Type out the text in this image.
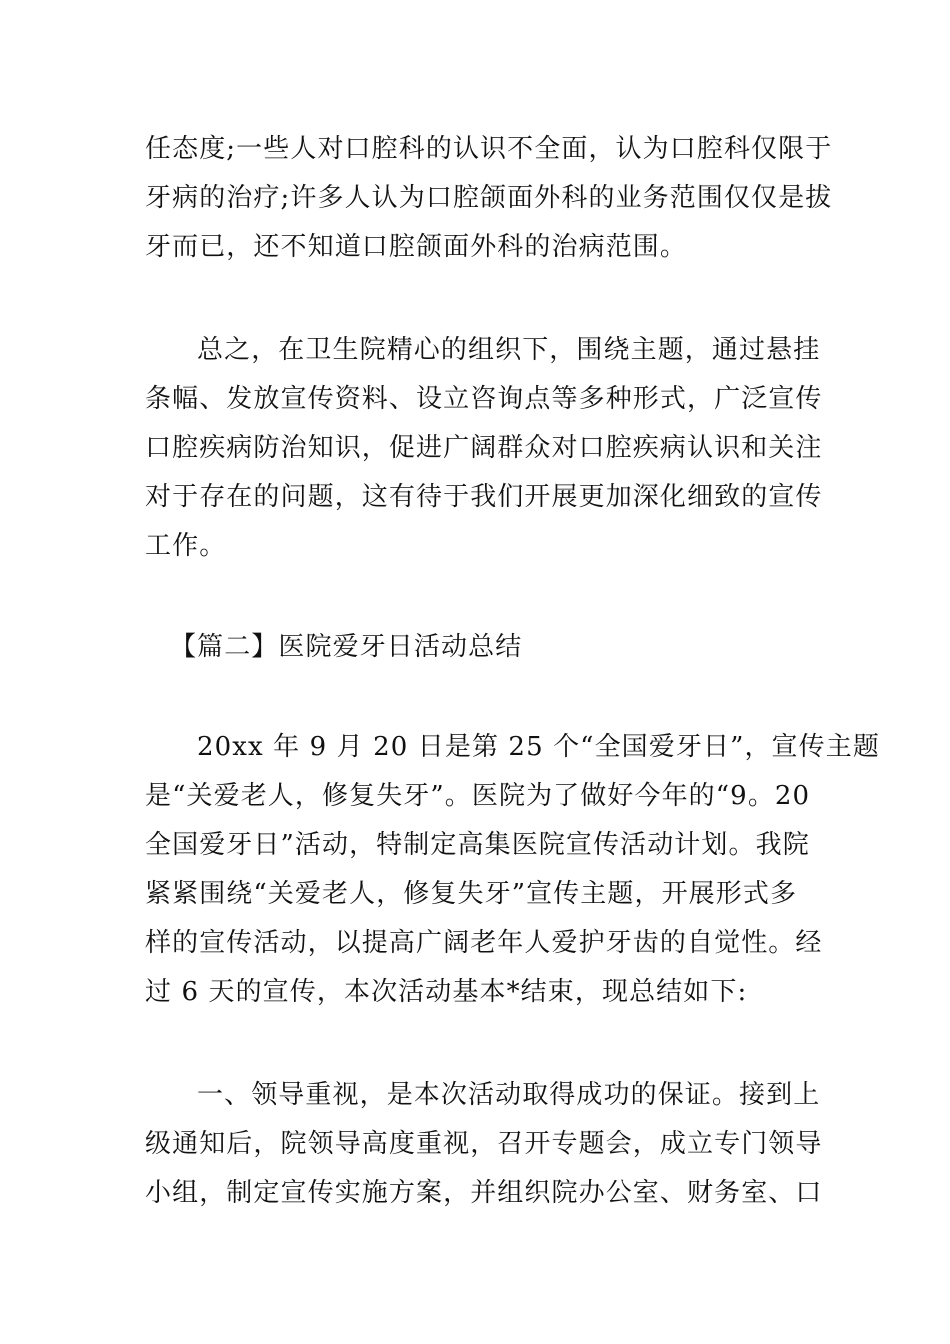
任态度;一些人对口腔科的认识不全面，认为口腔科仅限于
牙病的治疗;许多人认为口腔颌面外科的业务范围仅仅是拔
牙而已，还不知道口腔颌面外科的治病范围。
总之，在卫生院精心的组织下，围绕主题，通过悬挂
条幅、发放宣传资料、设立咨询点等多种形式，广泛宣传
口腔疾病防治知识，促进广阔群众对口腔疾病认识和关注
对于存在的问题，这有待于我们开展更加深化细致的宣传
工作。
【篇二】医院爱牙日活动总结
20xx 年 9 月 20 日是第 25 个“全国爱牙日”，宣传主题
是“关爱老人，修复失牙”。医院为了做好今年的“9。20
全国爱牙日”活动，特制定高集医院宣传活动计划。我院
紧紧围绕“关爱老人，修复失牙”宣传主题，开展形式多
样的宣传活动，以提高广阔老年人爱护牙齿的自觉性。经
过 6 天的宣传，本次活动基本*结束，现总结如下:
一、领导重视，是本次活动取得成功的保证。接到上
级通知后，院领导高度重视，召开专题会，成立专门领导
小组，制定宣传实施方案，并组织院办公室、财务室、口
